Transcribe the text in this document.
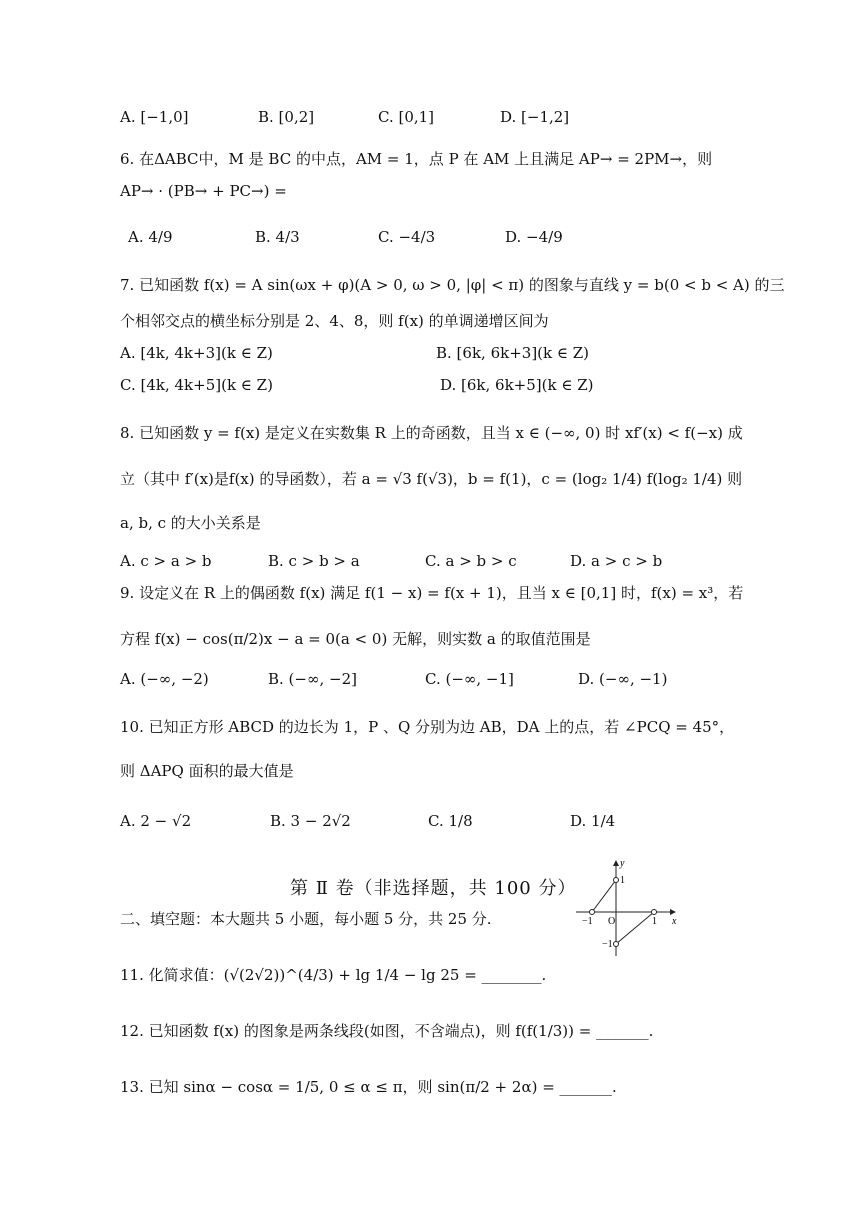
A. [−1,0]	B. [0,2]	C. [0,1]	D. [−1,2]
6. 在ΔABC中，M 是 BC 的中点，AM = 1，点 P 在 AM 上且满足 AP→ = 2PM→，则
AP→ · (PB→ + PC→) =
A. 4/9	B. 4/3	C. −4/3	D. −4/9
7. 已知函数 f(x) = A sin(ωx + φ)(A > 0, ω > 0, |φ| < π) 的图象与直线 y = b(0 < b < A) 的三
个相邻交点的横坐标分别是 2、4、8，则 f(x) 的单调递增区间为
A. [4k, 4k+3](k ∈ Z)	B. [6k, 6k+3](k ∈ Z)
C. [4k, 4k+5](k ∈ Z)	D. [6k, 6k+5](k ∈ Z)
8. 已知函数 y = f(x) 是定义在实数集 R 上的奇函数，且当 x ∈ (−∞, 0) 时 xf′(x) < f(−x) 成
立（其中 f′(x)是f(x) 的导函数），若 a = √3 f(√3)，b = f(1)，c = (log₂ 1/4) f(log₂ 1/4) 则
a, b, c 的大小关系是
A. c > a > b	B. c > b > a	C. a > b > c	D. a > c > b
9. 设定义在 R 上的偶函数 f(x) 满足 f(1 − x) = f(x + 1)，且当 x ∈ [0,1] 时，f(x) = x³，若
方程 f(x) − cos(π/2)x − a = 0(a < 0) 无解，则实数 a 的取值范围是
A. (−∞, −2)	B. (−∞, −2]	C. (−∞, −1]	D. (−∞, −1)
10. 已知正方形 ABCD 的边长为 1，P 、Q 分别为边 AB，DA 上的点，若 ∠PCQ = 45°，
则 ΔAPQ 面积的最大值是
A. 2 − √2	B. 3 − 2√2	C. 1/8	D. 1/4
第 Ⅱ 卷（非选择题，共 100 分）
y
x
O
−1	1
1
−1
二、填空题：本大题共 5 小题，每小题 5 分，共 25 分.
11. 化简求值：(√(2√2))^(4/3) + lg 1/4 − lg 25 = ________.
12. 已知函数 f(x) 的图象是两条线段(如图，不含端点)，则 f(f(1/3)) = _______.
13. 已知 sinα − cosα = 1/5, 0 ≤ α ≤ π，则 sin(π/2 + 2α) = _______.
